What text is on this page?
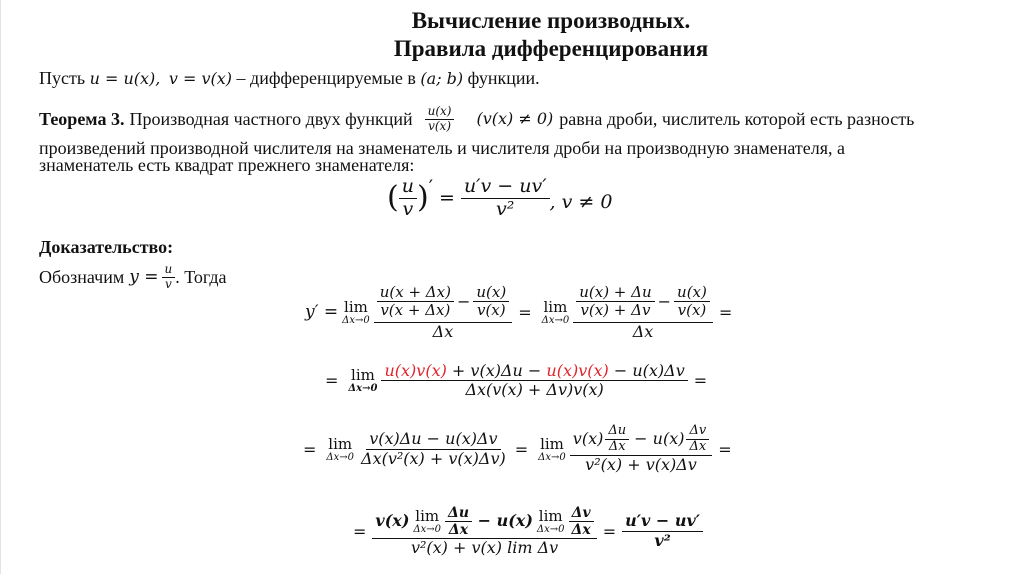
Вычисление производных.
Правила дифференцирования
Пусть u = u(x), v = v(x) – дифференцируемые в (a; b) функции.
Теорема 3. Производная частного двух функций $\frac{u(x)}{v(x)} (v(x) \ne 0)$ равна дроби, числитель которой есть разность
произведений производной числителя на знаменатель и числителя дроби на производную знаменателя, а
знаменатель есть квадрат прежнего знаменателя:
( $\frac{u}{v}$ ) ′
= $\frac{u'v - uv'}{\text{v²}}$ , v ≠ 0
Доказательство:
Обозначим $y = \frac{u}{v}$ . Тогда
y′ = lim
Δx→0
$\frac{u(x + \Delta x)}{v(x + \Delta x)} - \frac{u(x)}{v(x)}$
Δx
= lim
Δx→0
$\frac{u(x) + \Delta u}{v(x) + \Delta v} - \frac{u(x)}{v(x)}$
Δx
=
= lim
$\Delta x\to 0 \frac{u(x)v(x) + v(x)\Delta u - u(x)v(x) - u(x)\Delta v}{\Delta x(v(x) + \Delta v)v(x)}$ =
= lim
$\Delta x\to 0 \frac{v(x)\Delta u - u(x)\Delta v}{\text{Δx(v²(x) + v(x)Δv)}} = \lim$
Δx→0
$v(x) \frac{\Delta u}{\Delta x} - u(x) \frac{\Delta v}{\Delta x}$
v²(x) + v(x)Δv
=
=
v(x) lim
$\Delta x\to 0 \frac{\Delta u}{\Delta x} - u(x)$ lim
$\Delta x\to 0 \frac{\Delta v}{\Delta x}$
v²(x) + v(x) lim Δv
= $\frac{u'v - uv'}{\text{v²}}$
